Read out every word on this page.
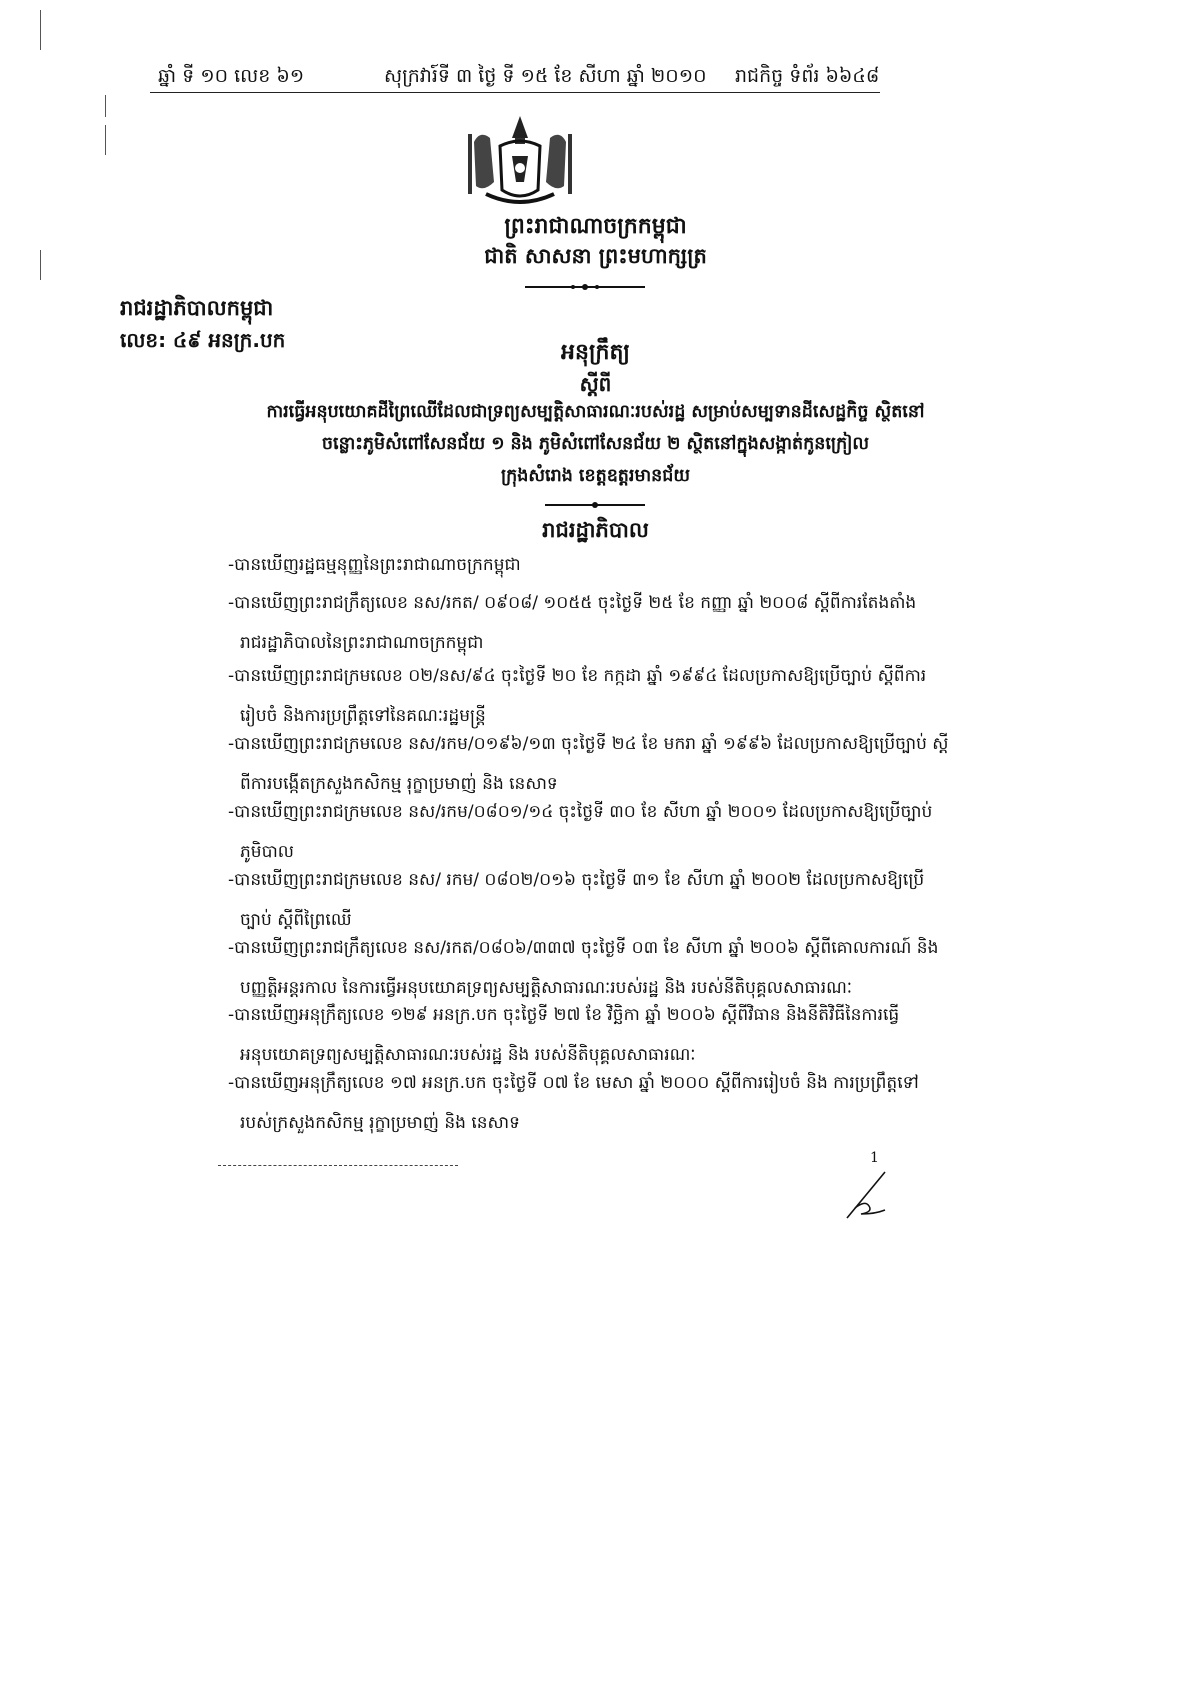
ឆ្នាំ ទី ១០ លេខ ៦១	សុក្រវារ៍ទី ៣ ថ្ងៃ ទី ១៥ ខែ សីហា ឆ្នាំ ២០១០ រាជកិច្ច ទំព័រ ៦៦៤៨
ព្រះរាជាណាចក្រកម្ពុជា
ជាតិ សាសនា ព្រះមហាក្សត្រ
រាជរដ្ឋាភិបាលកម្ពុជា
លេខ: ៤៩ អនក្រ.បក	អនុក្រឹត្យ
ស្តីពី
ការធ្វើអនុបយោគដីព្រៃឈើដែលជាទ្រព្យសម្បត្តិសាធារណៈរបស់រដ្ឋ សម្រាប់សម្បទានដីសេដ្ឋកិច្ច ស្ថិតនៅ
ចន្លោះភូមិសំពៅសែនជ័យ ១ និង ភូមិសំពៅសែនជ័យ ២ ស្ថិតនៅក្នុងសង្កាត់កូនក្រៀល
ក្រុងសំរោង ខេត្តឧត្តរមានជ័យ
រាជរដ្ឋាភិបាល
-បានឃើញរដ្ឋធម្មនុញ្ញនៃព្រះរាជាណាចក្រកម្ពុជា
-បានឃើញព្រះរាជក្រឹត្យលេខ នស/រកត/ ០៩០៨/ ១០៥៥ ចុះថ្ងៃទី ២៥ ខែ កញ្ញា ឆ្នាំ ២០០៨ ស្តីពីការតែងតាំង
រាជរដ្ឋាភិបាលនៃព្រះរាជាណាចក្រកម្ពុជា
-បានឃើញព្រះរាជក្រមលេខ ០២/នស/៩៤ ចុះថ្ងៃទី ២០ ខែ កក្កដា ឆ្នាំ ១៩៩៤ ដែលប្រកាសឱ្យប្រើច្បាប់ ស្តីពីការ
រៀបចំ និងការប្រព្រឹត្តទៅនៃគណៈរដ្ឋមន្ត្រី
-បានឃើញព្រះរាជក្រមលេខ នស/រកម/០១៩៦/១៣ ចុះថ្ងៃទី ២៤ ខែ មករា ឆ្នាំ ១៩៩៦ ដែលប្រកាសឱ្យប្រើច្បាប់ ស្តី
ពីការបង្កើតក្រសួងកសិកម្ម រុក្ខាប្រមាញ់ និង នេសាទ
-បានឃើញព្រះរាជក្រមលេខ នស/រកម/០៨០១/១៤ ចុះថ្ងៃទី ៣០ ខែ សីហា ឆ្នាំ ២០០១ ដែលប្រកាសឱ្យប្រើច្បាប់
ភូមិបាល
-បានឃើញព្រះរាជក្រមលេខ នស/ រកម/ ០៨០២/០១៦ ចុះថ្ងៃទី ៣១ ខែ សីហា ឆ្នាំ ២០០២ ដែលប្រកាសឱ្យប្រើ
ច្បាប់ ស្តីពីព្រៃឈើ
-បានឃើញព្រះរាជក្រឹត្យលេខ នស/រកត/០៨០៦/៣៣៧ ចុះថ្ងៃទី ០៣ ខែ សីហា ឆ្នាំ ២០០៦ ស្តីពីគោលការណ៍ និង
បញ្ញត្តិអន្តរកាល នៃការធ្វើអនុបយោគទ្រព្យសម្បត្តិសាធារណៈរបស់រដ្ឋ និង របស់នីតិបុគ្គលសាធារណៈ
-បានឃើញអនុក្រឹត្យលេខ ១២៩ អនក្រ.បក ចុះថ្ងៃទី ២៧ ខែ វិច្ឆិកា ឆ្នាំ ២០០៦ ស្តីពីវិធាន និងនីតិវិធីនៃការធ្វើ
អនុបយោគទ្រព្យសម្បត្តិសាធារណៈរបស់រដ្ឋ និង របស់នីតិបុគ្គលសាធារណៈ
-បានឃើញអនុក្រឹត្យលេខ ១៧ អនក្រ.បក ចុះថ្ងៃទី ០៧ ខែ មេសា ឆ្នាំ ២០០០ ស្តីពីការរៀបចំ និង ការប្រព្រឹត្តទៅ
របស់ក្រសួងកសិកម្ម រុក្ខាប្រមាញ់ និង នេសាទ
1
